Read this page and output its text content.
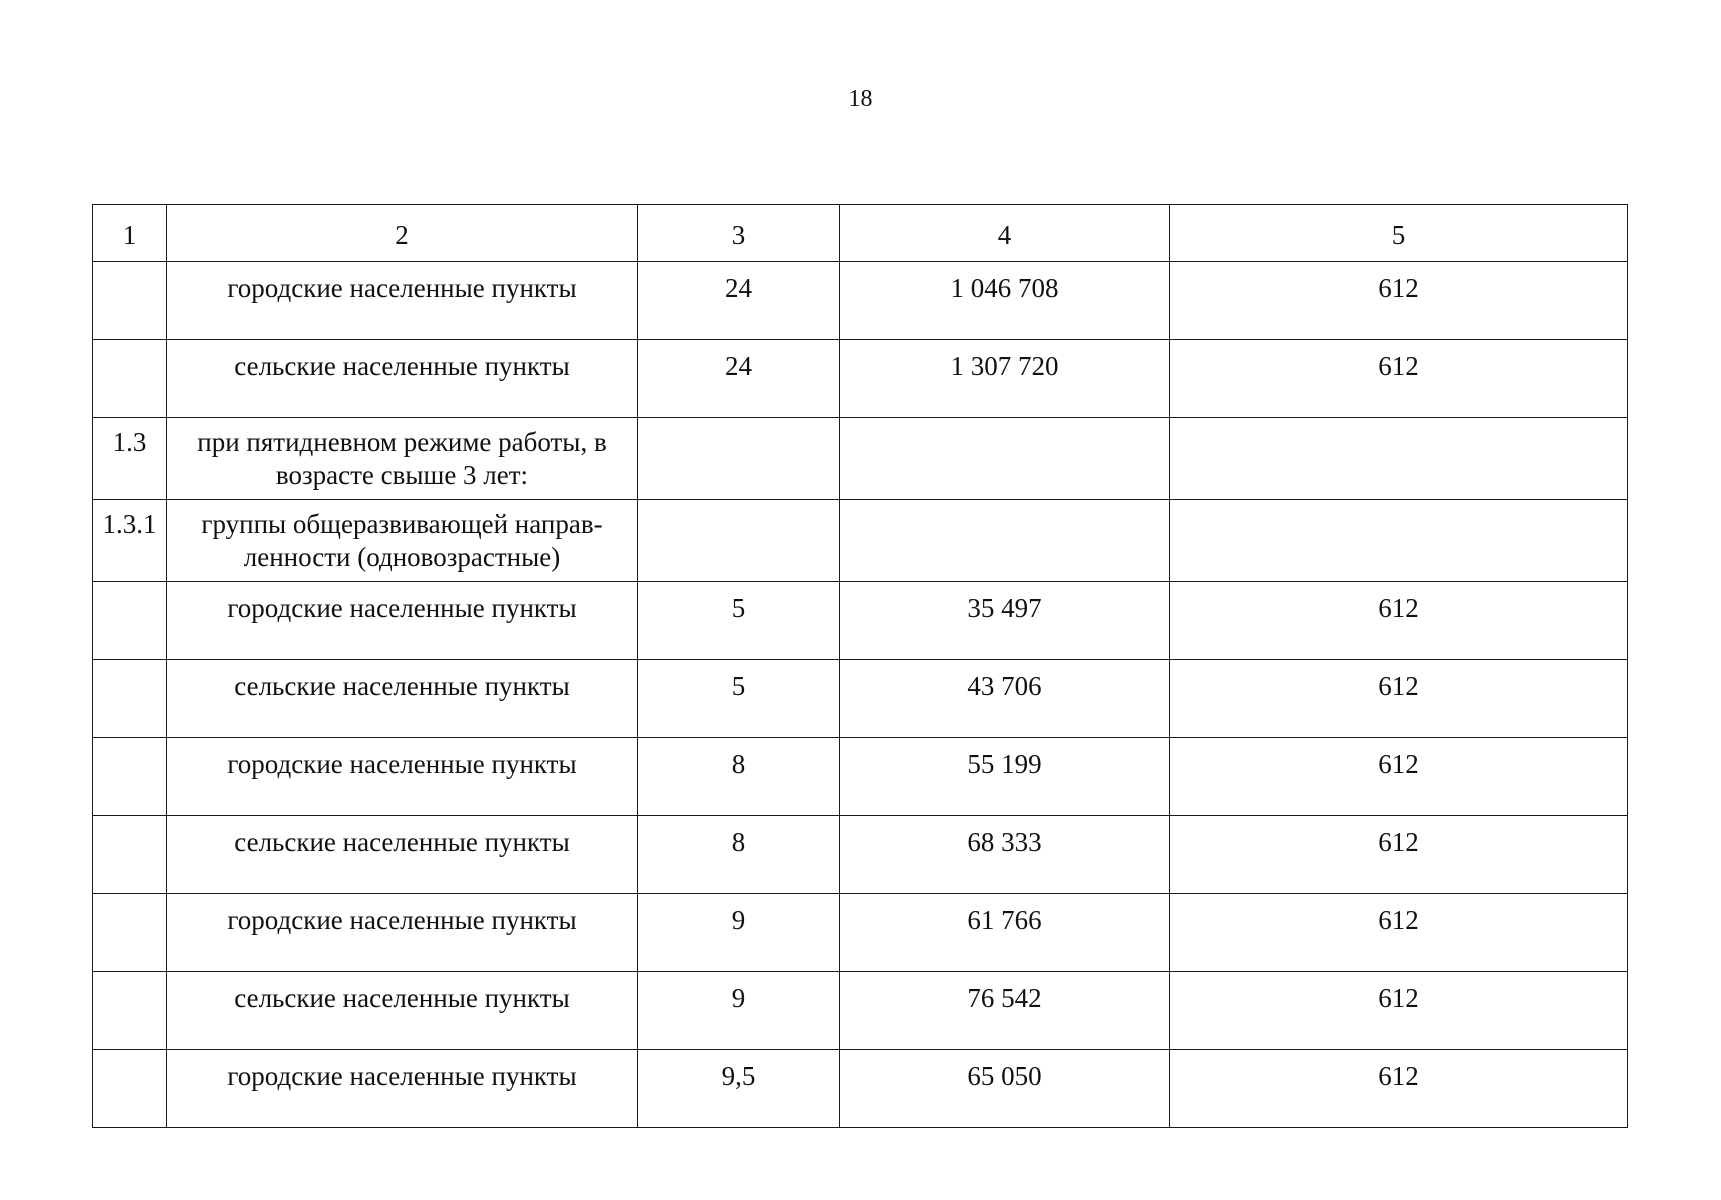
18
1	2	3	4	5
	городские населенные пункты	24	1 046 708	612
	сельские населенные пункты	24	1 307 720	612
1.3	при пятидневном режиме работы, в возрасте свыше 3 лет:			
1.3.1	группы общеразвивающей направ-ленности (одновозрастные)			
	городские населенные пункты	5	35 497	612
	сельские населенные пункты	5	43 706	612
	городские населенные пункты	8	55 199	612
	сельские населенные пункты	8	68 333	612
	городские населенные пункты	9	61 766	612
	сельские населенные пункты	9	76 542	612
	городские населенные пункты	9,5	65 050	612
